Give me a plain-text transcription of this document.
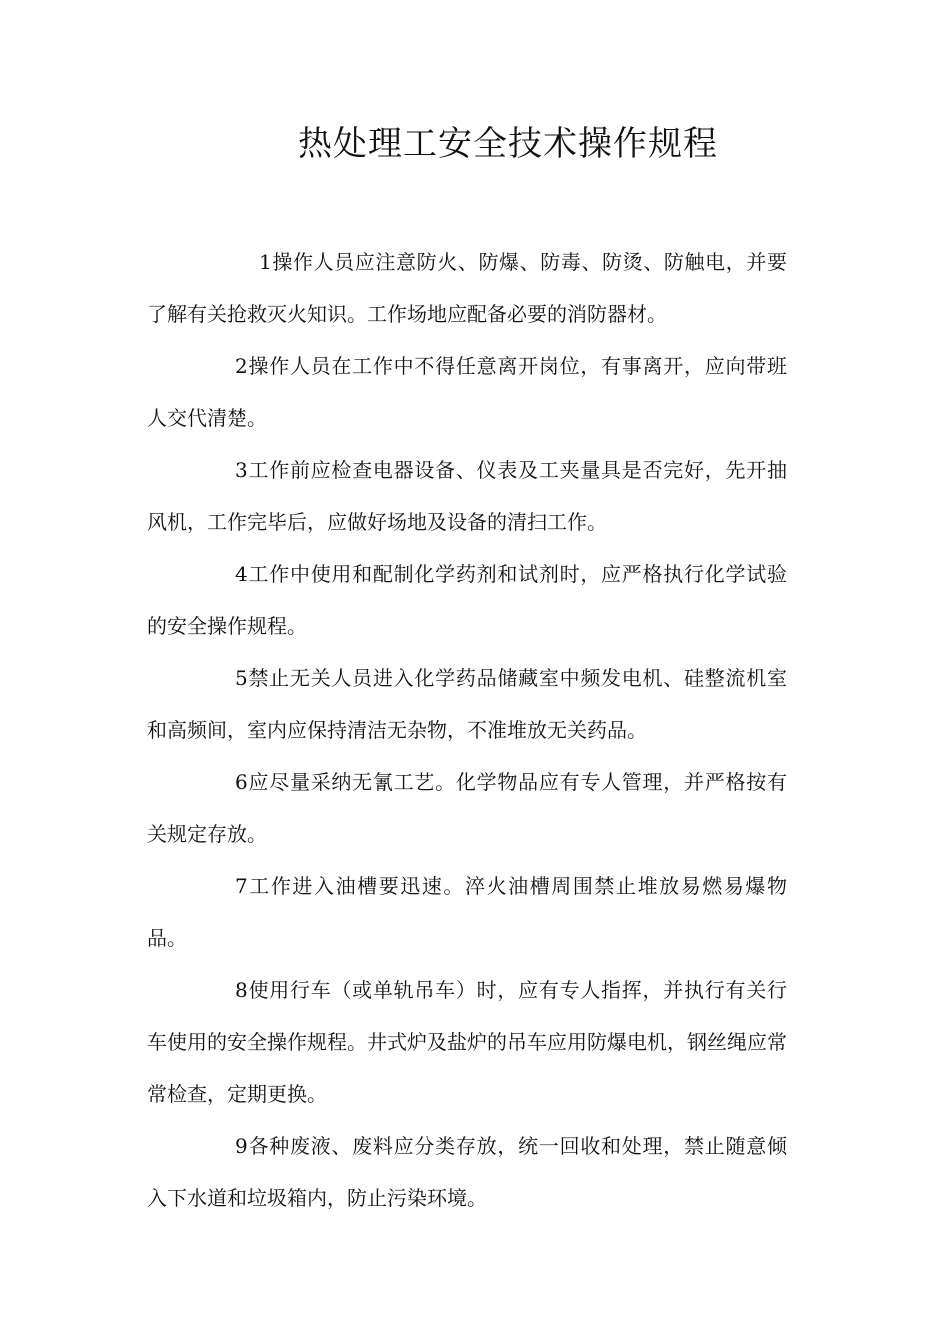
热处理工安全技术操作规程

1操作人员应注意防火、防爆、防毒、防烫、防触电，并要了解有关抢救灭火知识。工作场地应配备必要的消防器材。

2操作人员在工作中不得任意离开岗位，有事离开，应向带班人交代清楚。

3工作前应检查电器设备、仪表及工夹量具是否完好，先开抽风机，工作完毕后，应做好场地及设备的清扫工作。

4工作中使用和配制化学药剂和试剂时，应严格执行化学试验的安全操作规程。

5禁止无关人员进入化学药品储藏室中频发电机、硅整流机室和高频间，室内应保持清洁无杂物，不准堆放无关药品。

6应尽量采纳无氰工艺。化学物品应有专人管理，并严格按有关规定存放。

7工作进入油槽要迅速。淬火油槽周围禁止堆放易燃易爆物品。

8使用行车（或单轨吊车）时，应有专人指挥，并执行有关行车使用的安全操作规程。井式炉及盐炉的吊车应用防爆电机，钢丝绳应常常检查，定期更换。

9各种废液、废料应分类存放，统一回收和处理，禁止随意倾入下水道和垃圾箱内，防止污染环境。
